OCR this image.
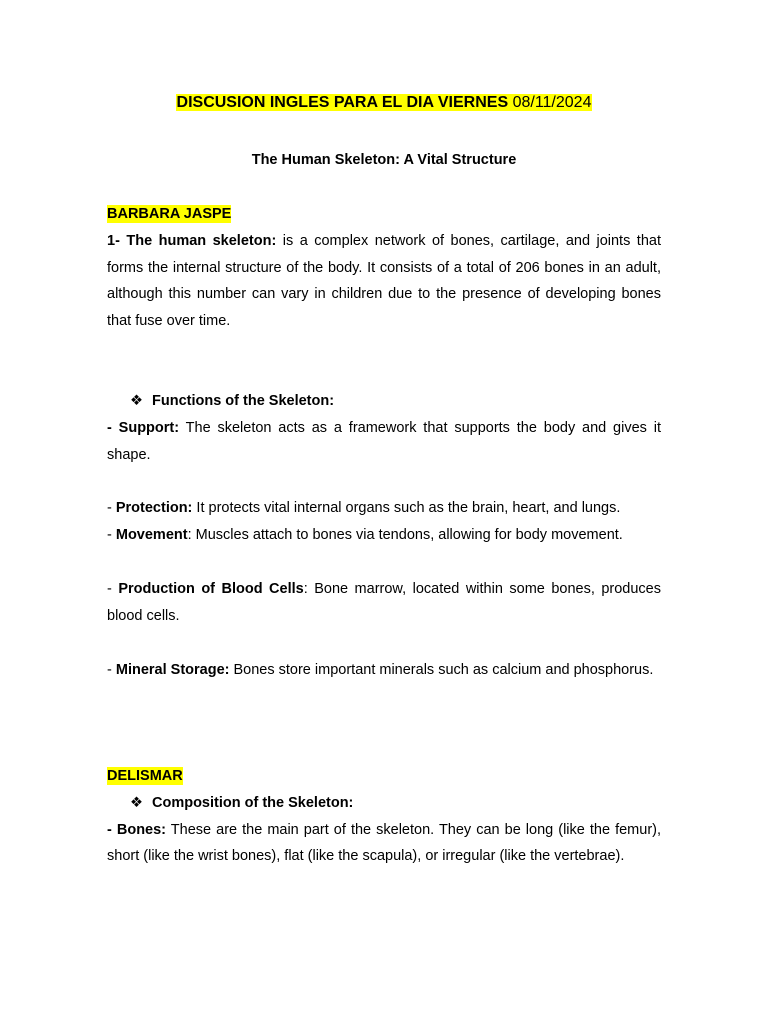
DISCUSION INGLES PARA EL DIA VIERNES 08/11/2024
The Human Skeleton: A Vital Structure
BARBARA JASPE

1- The human skeleton: is a complex network of bones, cartilage, and joints that forms the internal structure of the body. It consists of a total of 206 bones in an adult, although this number can vary in children due to the presence of developing bones that fuse over time.

❖ Functions of the Skeleton:

- Support: The skeleton acts as a framework that supports the body and gives it shape.

- Protection: It protects vital internal organs such as the brain, heart, and lungs.

- Movement: Muscles attach to bones via tendons, allowing for body movement.

- Production of Blood Cells: Bone marrow, located within some bones, produces blood cells.

- Mineral Storage: Bones store important minerals such as calcium and phosphorus.

DELISMAR

❖ Composition of the Skeleton:

- Bones: These are the main part of the skeleton. They can be long (like the femur), short (like the wrist bones), flat (like the scapula), or irregular (like the vertebrae).
